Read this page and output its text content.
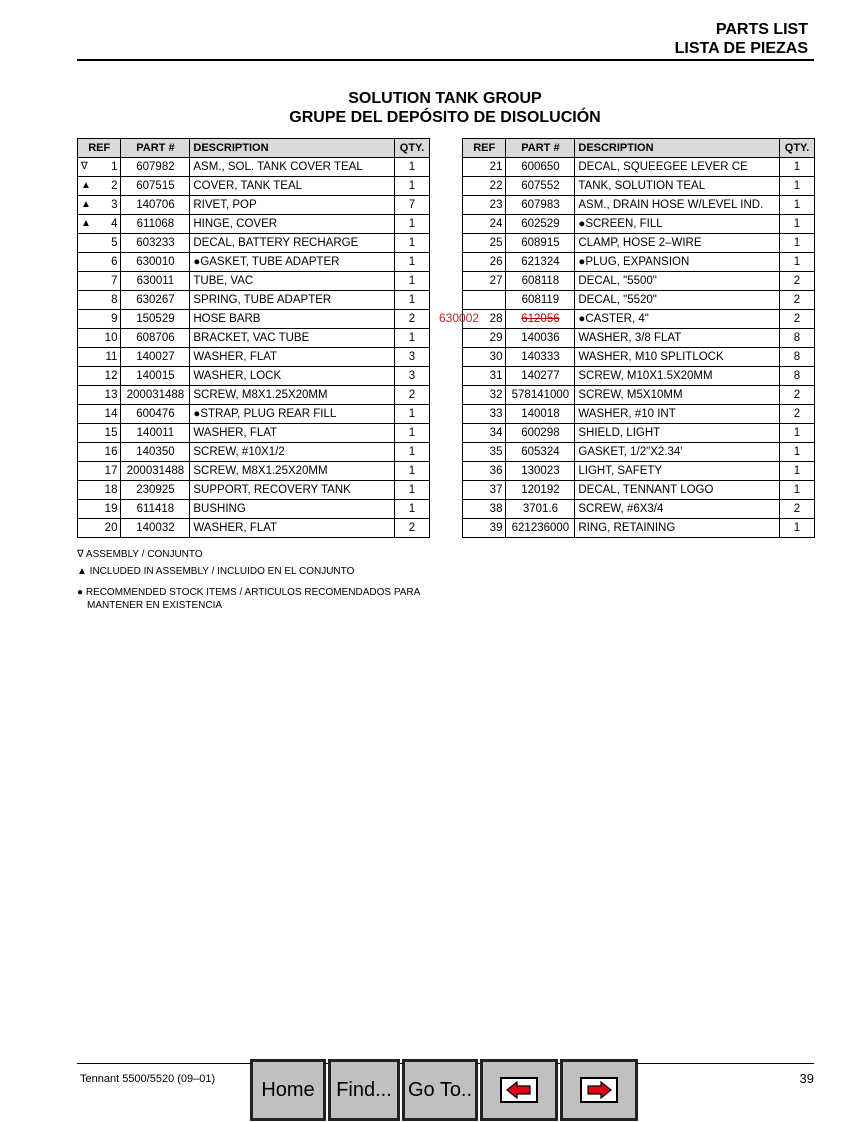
PARTS LIST
LISTA DE PIEZAS
SOLUTION TANK GROUP
GRUPE DEL DEPÓSITO DE DISOLUCIÓN
REF	PART #	DESCRIPTION	QTY.

∇ 1	607982	ASM., SOL. TANK COVER TEAL	1

▲ 2	607515	COVER, TANK TEAL	1

▲ 3	140706	RIVET, POP	7

▲ 4	611068	HINGE, COVER	1
5	603233	DECAL, BATTERY RECHARGE	1
6	630010	●GASKET, TUBE ADAPTER	1
7	630011	TUBE, VAC	1
8	630267	SPRING, TUBE ADAPTER	1
9	150529	HOSE BARB	2
10	608706	BRACKET, VAC TUBE	1
11	140027	WASHER, FLAT	3
12	140015	WASHER, LOCK	3
13	200031488	SCREW, M8X1.25X20MM	2
14	600476	●STRAP, PLUG REAR FILL	1
15	140011	WASHER, FLAT	1
16	140350	SCREW, #10X1/2	1
17	200031488	SCREW, M8X1.25X20MM	1
18	230925	SUPPORT, RECOVERY TANK	1
19	611418	BUSHING	1
20	140032	WASHER, FLAT	2
REF	PART #	DESCRIPTION	QTY.
21	600650	DECAL, SQUEEGEE LEVER CE	1
22	607552	TANK, SOLUTION TEAL	1
23	607983	ASM., DRAIN HOSE W/LEVEL IND.	1
24	602529	●SCREEN, FILL	1
25	608915	CLAMP, HOSE 2–WIRE	1
26	621324	●PLUG, EXPANSION	1
27	608118	DECAL, "5500"	2
	608119	DECAL, "5520"	2
28	612056	●CASTER, 4"	2
29	140036	WASHER, 3/8 FLAT	8
30	140333	WASHER, M10 SPLITLOCK	8
31	140277	SCREW, M10X1.5X20MM	8
32	578141000	SCREW, M5X10MM	2
33	140018	WASHER, #10 INT	2
34	600298	SHIELD, LIGHT	1
35	605324	GASKET, 1/2"X2.34'	1
36	130023	LIGHT, SAFETY	1
37	120192	DECAL, TENNANT LOGO	1
38	3701.6	SCREW, #6X3/4	2
39	621236000	RING, RETAINING	1
630002
∇ ASSEMBLY / CONJUNTO
▲ INCLUDED IN ASSEMBLY / INCLUIDO EN EL CONJUNTO
● RECOMMENDED STOCK ITEMS / ARTICULOS RECOMENDADOS PARA
MANTENER EN EXISTENCIA
Tennant 5500/5520 (09–01)	39
Home Find... Go To..
